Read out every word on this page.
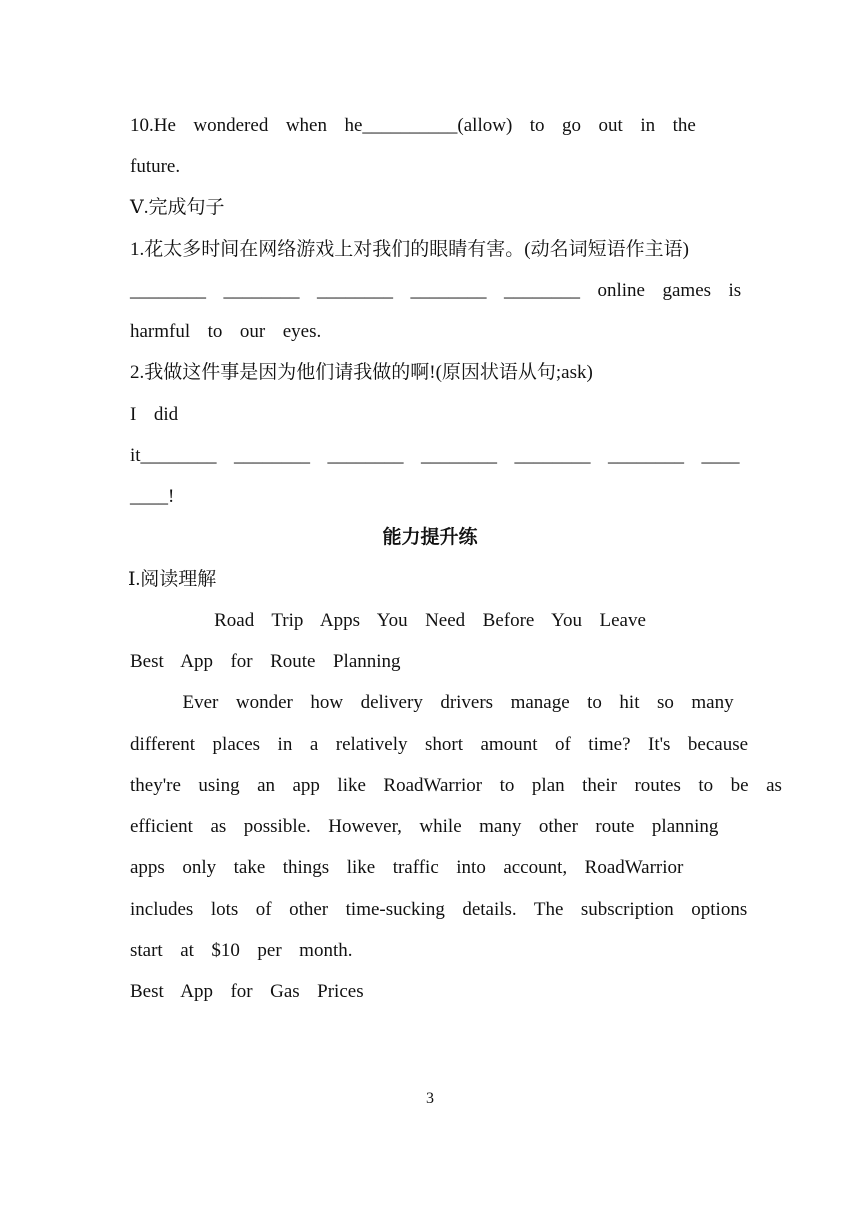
10.He  wondered  when  he__________(allow)  to  go  out  in  the
future.
Ⅴ.完成句子
1.花太多时间在网络游戏上对我们的眼睛有害。(动名词短语作主语)
________  ________  ________  ________  ________  online  games  is
harmful  to  our  eyes.
2.我做这件事是因为他们请我做的啊!(原因状语从句;ask)
I  did
it________  ________  ________  ________  ________  ________  ____
____!
能力提升练
Ⅰ.阅读理解
Road  Trip  Apps  You  Need  Before  You  Leave
Best  App  for  Route  Planning
Ever  wonder  how  delivery  drivers  manage  to  hit  so  many
different  places  in  a  relatively  short  amount  of  time?  It's  because
they're  using  an  app  like  RoadWarrior  to  plan  their  routes  to  be  as
efficient  as  possible.  However,  while  many  other  route  planning
apps  only  take  things  like  traffic  into  account,  RoadWarrior
includes  lots  of  other  time-sucking  details.  The  subscription  options
start  at  $10  per  month.
Best  App  for  Gas  Prices
3
